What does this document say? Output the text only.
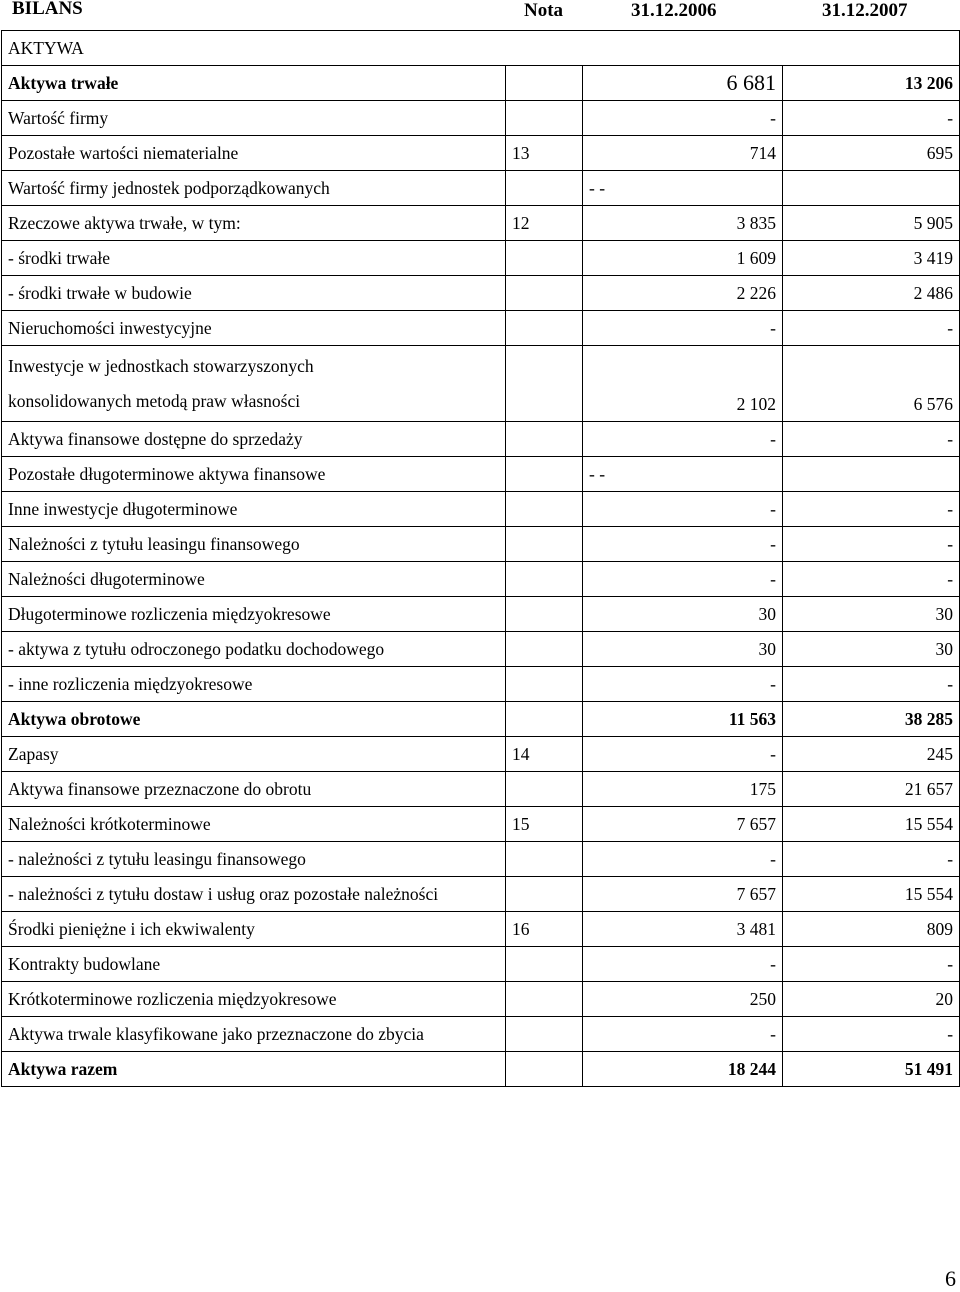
BILANS	Nota	31.12.2006	31.12.2007
AKTYWA			
Aktywa trwałe		6 681	13 206
Wartość firmy		-	-
Pozostałe wartości niematerialne	13	714	695
Wartość firmy jednostek podporządkowanych		- -	
Rzeczowe aktywa trwałe, w tym:	12	3 835	5 905
- środki trwałe		1 609	3 419
- środki trwałe w budowie		2 226	2 486
Nieruchomości inwestycyjne		-	-
Inwestycje w jednostkach stowarzyszonych
konsolidowanych metodą praw własności		2 102	6 576
Aktywa finansowe dostępne do sprzedaży		-	-
Pozostałe długoterminowe aktywa finansowe		- -	
Inne inwestycje długoterminowe		-	-
Należności z tytułu leasingu finansowego		-	-
Należności długoterminowe		-	-
Długoterminowe rozliczenia międzyokresowe		30	30
- aktywa z tytułu odroczonego podatku dochodowego		30	30
- inne rozliczenia międzyokresowe		-	-
Aktywa obrotowe		11 563	38 285
Zapasy	14	-	245
Aktywa finansowe przeznaczone do obrotu		175	21 657
Należności krótkoterminowe	15	7 657	15 554
- należności z tytułu leasingu finansowego		-	-
- należności z tytułu dostaw i usług oraz pozostałe należności		7 657	15 554
Środki pieniężne i ich ekwiwalenty	16	3 481	809
Kontrakty budowlane		-	-
Krótkoterminowe rozliczenia międzyokresowe		250	20
Aktywa trwale klasyfikowane jako przeznaczone do zbycia		-	-
Aktywa razem		18 244	51 491
6
